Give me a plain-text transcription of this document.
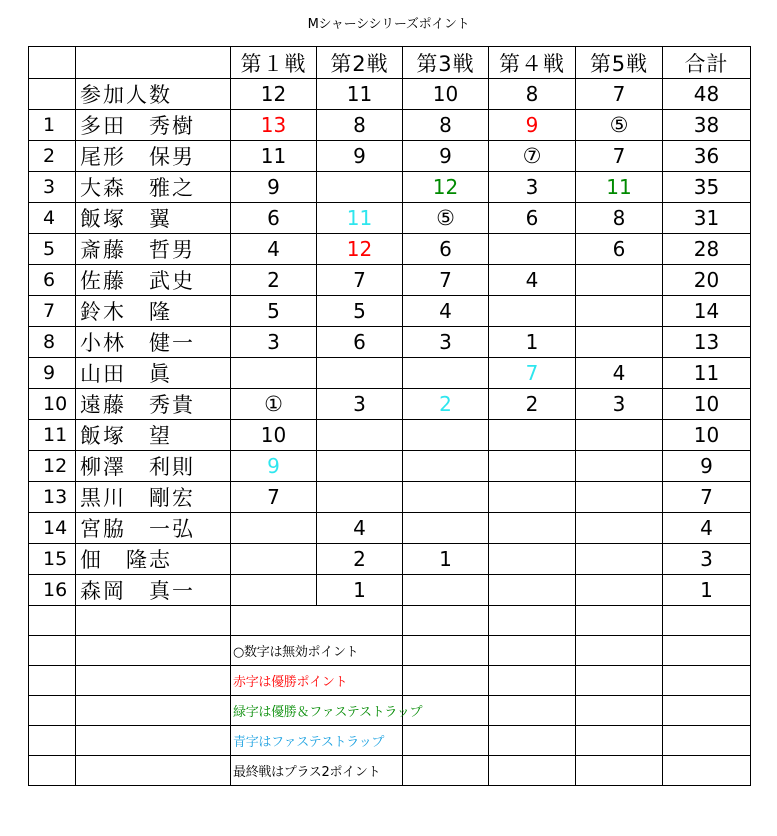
Mシャーシシリーズポイント
		第１戦	第2戦	第3戦	第４戦	第5戦	合計
	参加人数	12	11	10	8	7	48
1	多田　秀樹	13	8	8	9	⑤	38
2	尾形　保男	11	9	9	⑦	7	36
3	大森　雅之	9		12	3	11	35
4	飯塚　翼	6	11	⑤	6	8	31
5	斎藤　哲男	4	12	6		6	28
6	佐藤　武史	2	7	7	4		20
7	鈴木　隆	5	5	4			14
8	小林　健一	3	6	3	1		13
9	山田　眞				7	4	11
10	遠藤　秀貴	①	3	2	2	3	10
11	飯塚　望	10					10
12	柳澤　利則	9					9
13	黒川　剛宏	7					7
14	宮脇　一弘		4				4
15	佃　隆志		2	1			3
16	森岡　真一		1				1

		○数字は無効ポイント					
		赤字は優勝ポイント					
		緑字は優勝＆ファステストラップ					
		青字はファステストラップ					
		最終戦はプラス2ポイント					
